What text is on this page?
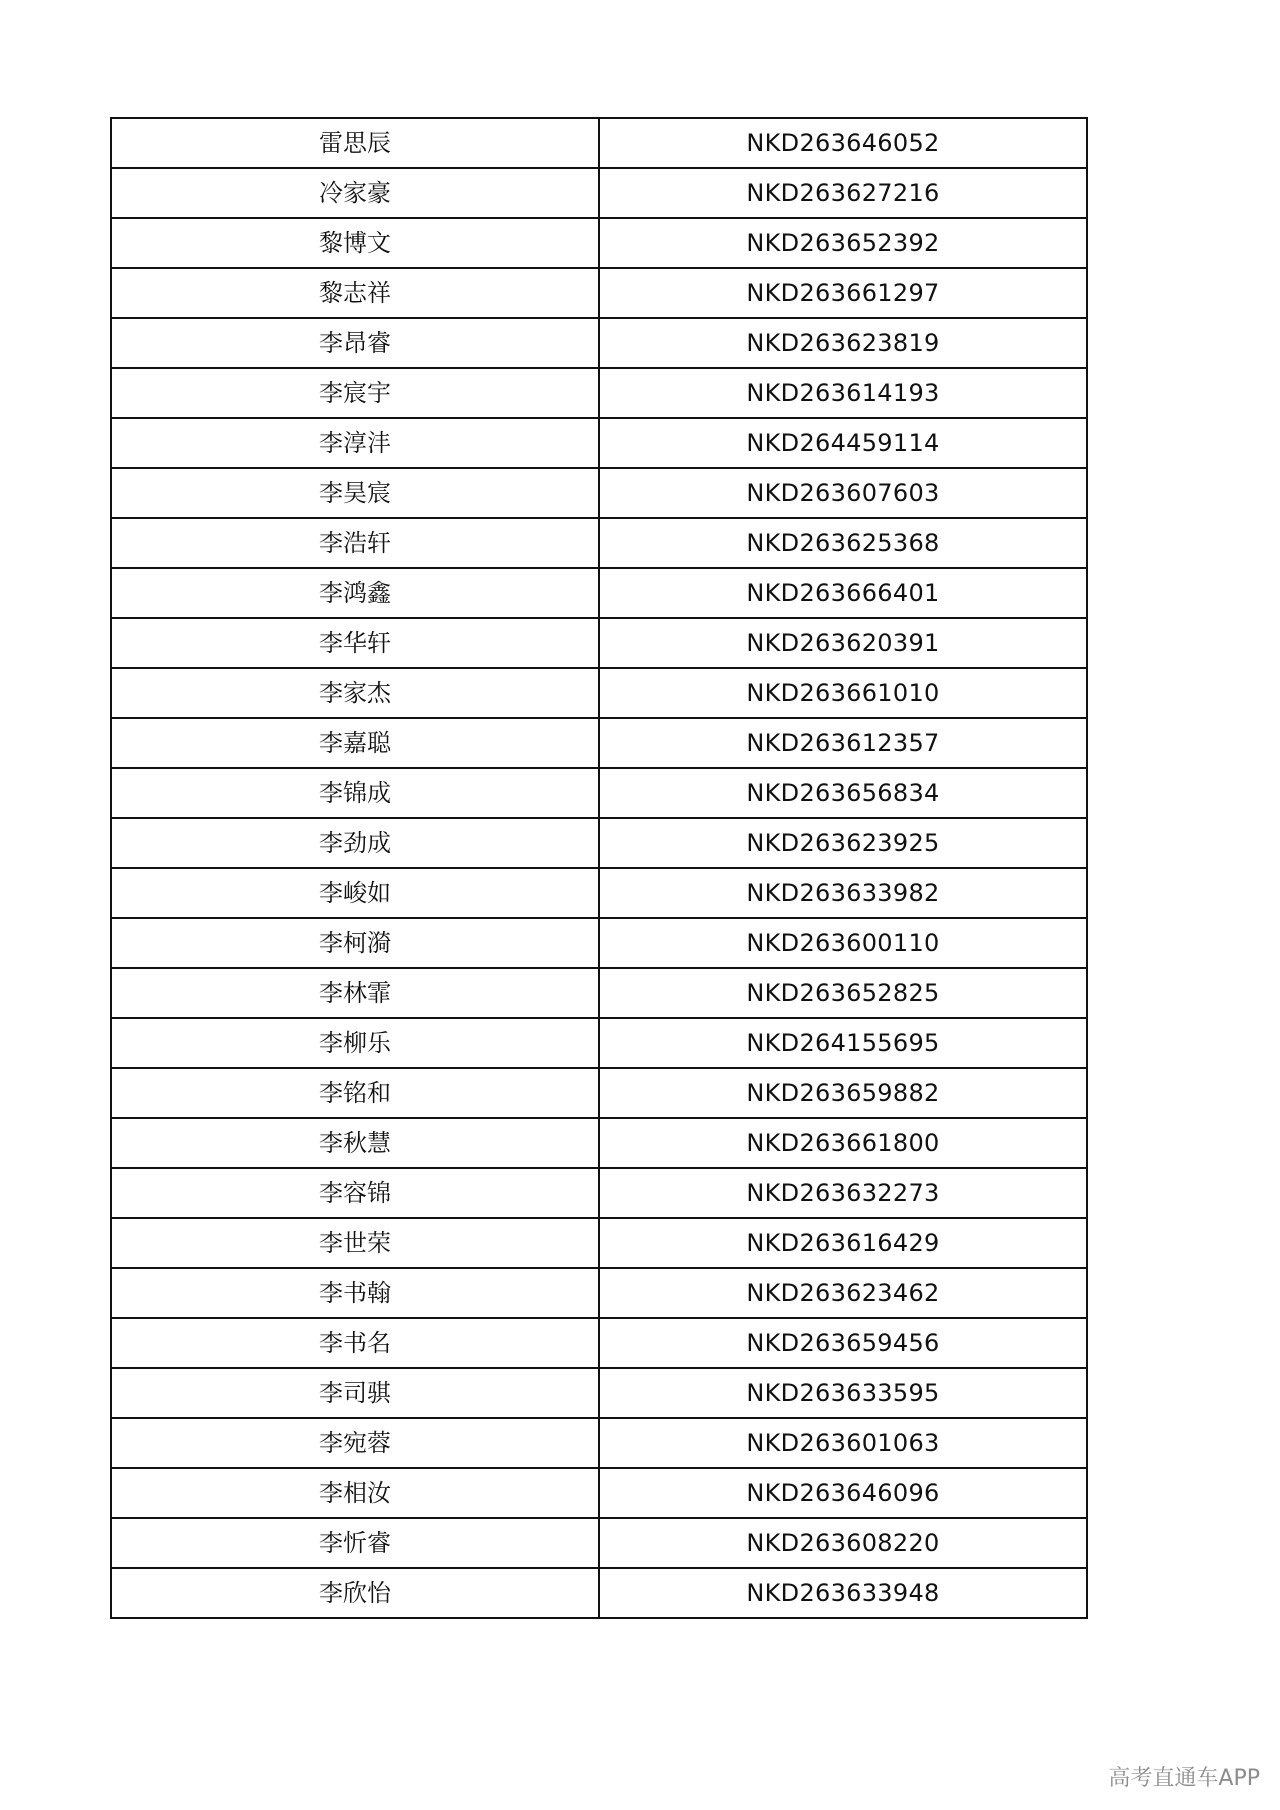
雷思辰	NKD263646052
冷家豪	NKD263627216
黎博文	NKD263652392
黎志祥	NKD263661297
李昂睿	NKD263623819
李宸宇	NKD263614193
李淳沣	NKD264459114
李昊宸	NKD263607603
李浩轩	NKD263625368
李鸿鑫	NKD263666401
李华轩	NKD263620391
李家杰	NKD263661010
李嘉聪	NKD263612357
李锦成	NKD263656834
李劲成	NKD263623925
李峻如	NKD263633982
李柯漪	NKD263600110
李林霏	NKD263652825
李柳乐	NKD264155695
李铭和	NKD263659882
李秋慧	NKD263661800
李容锦	NKD263632273
李世荣	NKD263616429
李书翰	NKD263623462
李书名	NKD263659456
李司骐	NKD263633595
李宛蓉	NKD263601063
李相汝	NKD263646096
李忻睿	NKD263608220
李欣怡	NKD263633948
高考直通车APP
